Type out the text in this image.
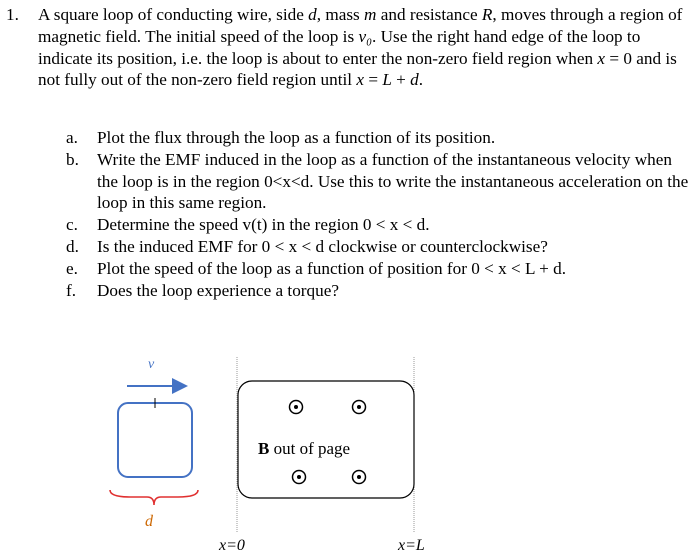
1. A square loop of conducting wire, side d, mass m and resistance R, moves through a region of magnetic field. The initial speed of the loop is v₀. Use the right hand edge of the loop to indicate its position, i.e. the loop is about to enter the non-zero field region when x = 0 and is not fully out of the non-zero field region until x = L + d.
a. Plot the flux through the loop as a function of its position.
b. Write the EMF induced in the loop as a function of the instantaneous velocity when the loop is in the region 0<x<d. Use this to write the instantaneous acceleration on the loop in this same region.
c. Determine the speed v(t) in the region 0 < x < d.
d. Is the induced EMF for 0 < x < d clockwise or counterclockwise?
e. Plot the speed of the loop as a function of position for 0 < x < L + d.
f. Does the loop experience a torque?
v
d
B out of page
x=0	x=L
